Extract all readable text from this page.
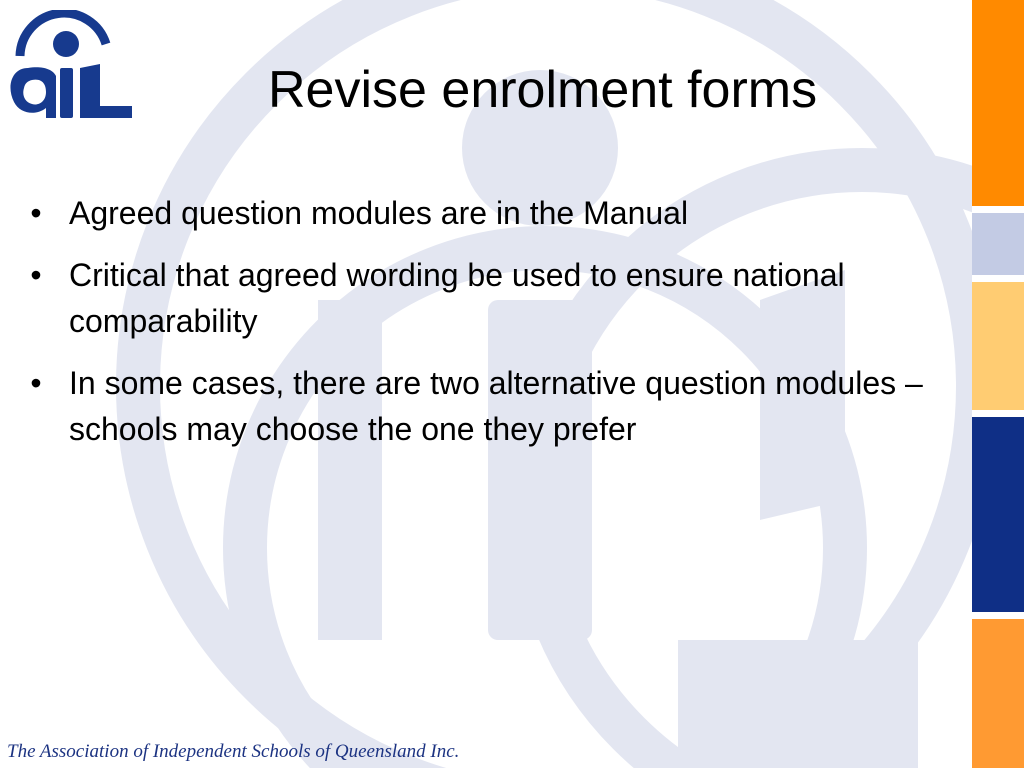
Revise enrolment forms
• Agreed question modules are in the Manual
• Critical that agreed wording be used to ensure national comparability
• In some cases, there are two alternative question modules – schools may choose the one they prefer
The Association of Independent Schools of Queensland Inc.
